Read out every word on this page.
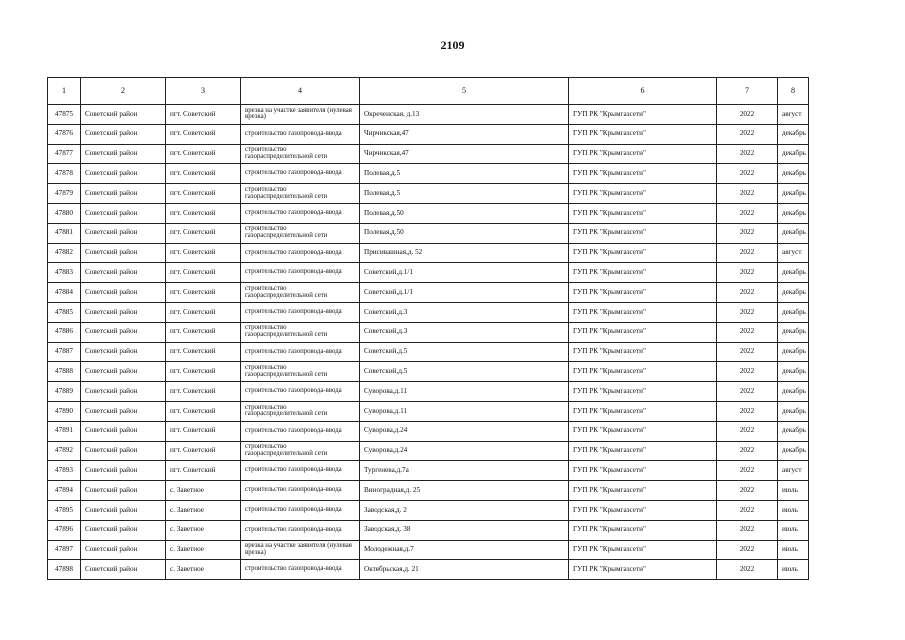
2109
1	2	3	4	5	6	7	8
47875	Советский район	пгт. Советский	врезка на участке заявителя (нулевая врезка)	Окреченская, д.13	ГУП РК "Крымгазсети"	2022	август
47876	Советский район	пгт. Советский	строительство газопровода-ввода	Чирчикская,47	ГУП РК "Крымгазсети"	2022	декабрь
47877	Советский район	пгт. Советский	строительство газораспределительной сети	Чирчикская,47	ГУП РК "Крымгазсети"	2022	декабрь
47878	Советский район	пгт. Советский	строительство газопровода-ввода	Полевая,д.5	ГУП РК "Крымгазсети"	2022	декабрь
47879	Советский район	пгт. Советский	строительство газораспределительной сети	Полевая,д.5	ГУП РК "Крымгазсети"	2022	декабрь
47880	Советский район	пгт. Советский	строительство газопровода-ввода	Полевая,д.50	ГУП РК "Крымгазсети"	2022	декабрь
47881	Советский район	пгт. Советский	строительство газораспределительной сети	Полевая,д.50	ГУП РК "Крымгазсети"	2022	декабрь
47882	Советский район	пгт. Советский	строительство газопровода-ввода	Присивашная,д. 52	ГУП РК "Крымгазсети"	2022	август
47883	Советский район	пгт. Советский	строительство газопровода-ввода	Советский,д.1/1	ГУП РК "Крымгазсети"	2022	декабрь
47884	Советский район	пгт. Советский	строительство газораспределительной сети	Советский,д.1/1	ГУП РК "Крымгазсети"	2022	декабрь
47885	Советский район	пгт. Советский	строительство газопровода-ввода	Советский,д.3	ГУП РК "Крымгазсети"	2022	декабрь
47886	Советский район	пгт. Советский	строительство газораспределительной сети	Советский,д.3	ГУП РК "Крымгазсети"	2022	декабрь
47887	Советский район	пгт. Советский	строительство газопровода-ввода	Советский,д.5	ГУП РК "Крымгазсети"	2022	декабрь
47888	Советский район	пгт. Советский	строительство газораспределительной сети	Советский,д.5	ГУП РК "Крымгазсети"	2022	декабрь
47889	Советский район	пгт. Советский	строительство газопровода-ввода	Суворова,д.11	ГУП РК "Крымгазсети"	2022	декабрь
47890	Советский район	пгт. Советский	строительство газораспределительной сети	Суворова,д.11	ГУП РК "Крымгазсети"	2022	декабрь
47891	Советский район	пгт. Советский	строительство газопровода-ввода	Суворова,д.24	ГУП РК "Крымгазсети"	2022	декабрь
47892	Советский район	пгт. Советский	строительство газораспределительной сети	Суворова,д.24	ГУП РК "Крымгазсети"	2022	декабрь
47893	Советский район	пгт. Советский	строительство газопровода-ввода	Тургенева,д.7а	ГУП РК "Крымгазсети"	2022	август
47894	Советский район	с. Заветное	строительство газопровода-ввода	Виноградная,д. 25	ГУП РК "Крымгазсети"	2022	июль
47895	Советский район	с. Заветное	строительство газопровода-ввода	Заводская,д. 2	ГУП РК "Крымгазсети"	2022	июль
47896	Советский район	с. Заветное	строительство газопровода-ввода	Заводская,д. 38	ГУП РК "Крымгазсети"	2022	июль
47897	Советский район	с. Заветное	врезка на участке заявителя (нулевая врезка)	Молодежная,д.7	ГУП РК "Крымгазсети"	2022	июль
47898	Советский район	с. Заветное	строительство газопровода-ввода	Октябрьская,д. 21	ГУП РК "Крымгазсети"	2022	июль
